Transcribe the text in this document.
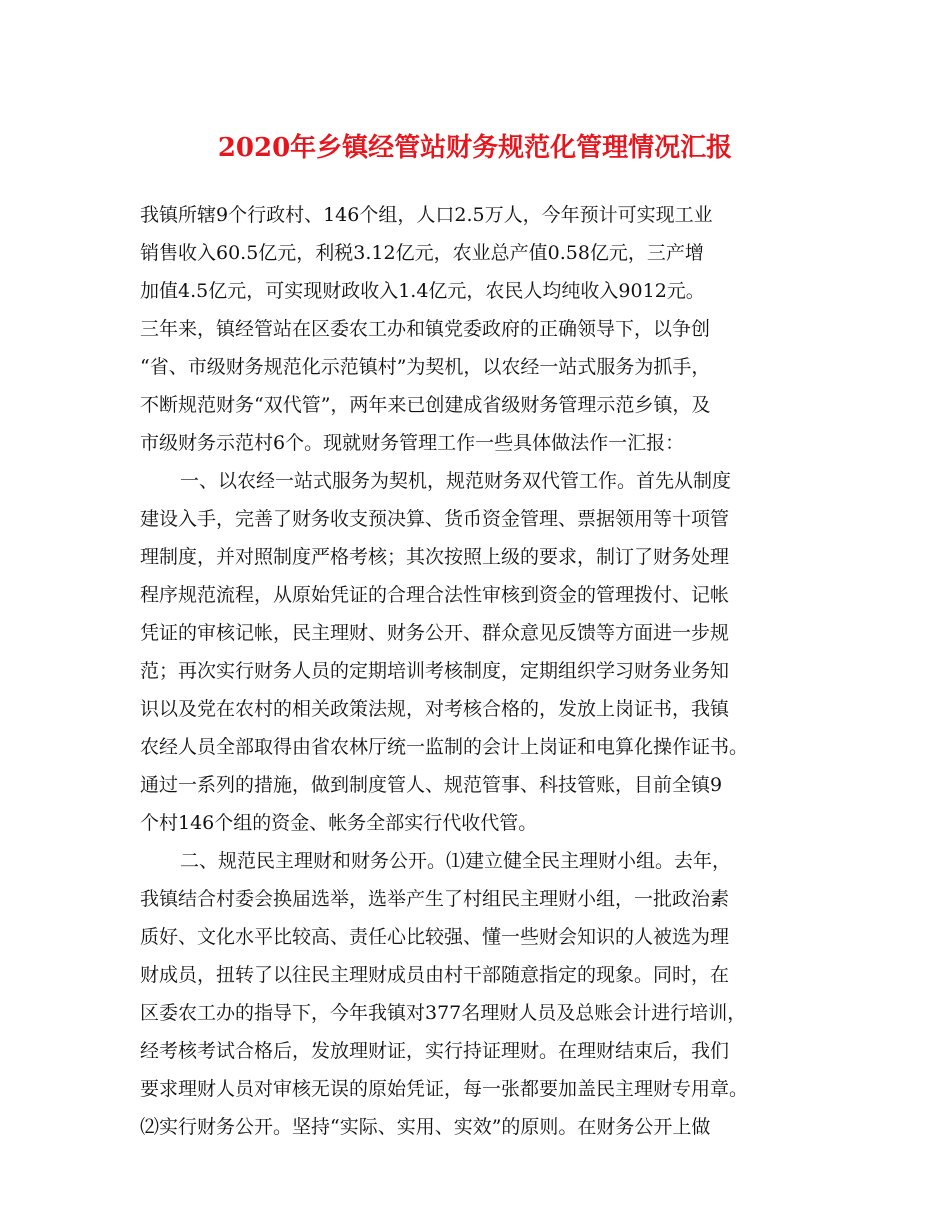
2020年乡镇经管站财务规范化管理情况汇报
我镇所辖9个行政村、146个组，人口2.5万人，今年预计可实现工业
销售收入60.5亿元，利税3.12亿元，农业总产值0.58亿元，三产增
加值4.5亿元，可实现财政收入1.4亿元，农民人均纯收入9012元。
三年来，镇经管站在区委农工办和镇党委政府的正确领导下，以争创
“省、市级财务规范化示范镇村”为契机，以农经一站式服务为抓手，
不断规范财务“双代管”，两年来已创建成省级财务管理示范乡镇，及
市级财务示范村6个。现就财务管理工作一些具体做法作一汇报：
一、以农经一站式服务为契机，规范财务双代管工作。首先从制度
建设入手，完善了财务收支预决算、货币资金管理、票据领用等十项管
理制度，并对照制度严格考核；其次按照上级的要求，制订了财务处理
程序规范流程，从原始凭证的合理合法性审核到资金的管理拨付、记帐
凭证的审核记帐，民主理财、财务公开、群众意见反馈等方面进一步规
范；再次实行财务人员的定期培训考核制度，定期组织学习财务业务知
识以及党在农村的相关政策法规，对考核合格的，发放上岗证书，我镇
农经人员全部取得由省农林厅统一监制的会计上岗证和电算化操作证书。
通过一系列的措施，做到制度管人、规范管事、科技管账，目前全镇9
个村146个组的资金、帐务全部实行代收代管。
二、规范民主理财和财务公开。⑴建立健全民主理财小组。去年，
我镇结合村委会换届选举，选举产生了村组民主理财小组，一批政治素
质好、文化水平比较高、责任心比较强、懂一些财会知识的人被选为理
财成员，扭转了以往民主理财成员由村干部随意指定的现象。同时，在
区委农工办的指导下，今年我镇对377名理财人员及总账会计进行培训，
经考核考试合格后，发放理财证，实行持证理财。在理财结束后，我们
要求理财人员对审核无误的原始凭证，每一张都要加盖民主理财专用章。
⑵实行财务公开。坚持“实际、实用、实效”的原则。在财务公开上做
